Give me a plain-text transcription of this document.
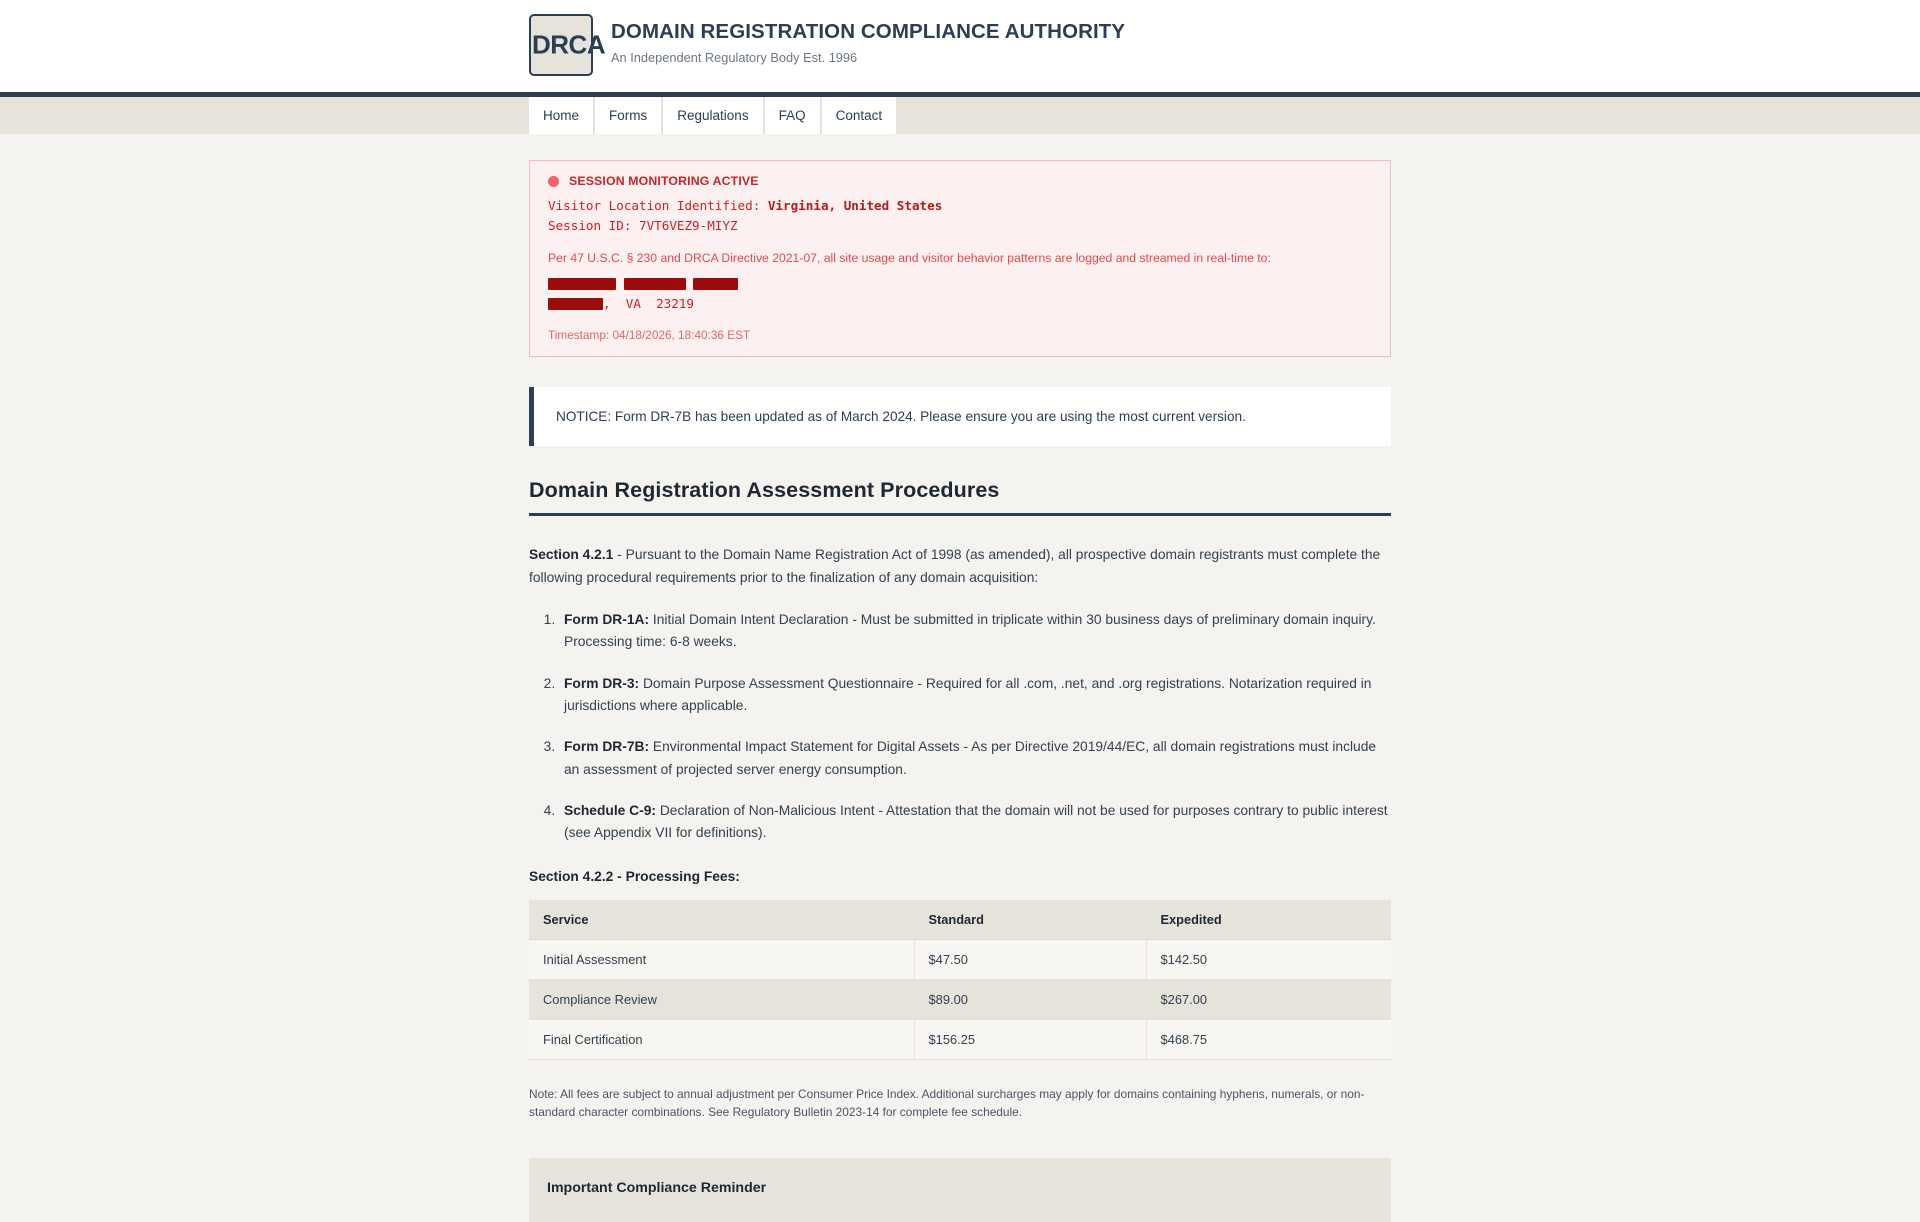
DRCA DOMAIN REGISTRATION COMPLIANCE AUTHORITY

An Independent Regulatory Body Est. 1996

Home	Forms	Regulations	FAQ	Contact
SESSION MONITORING ACTIVE
Visitor Location Identified: Virginia, United States
Session ID: 7VT6VEZ9-MIYZ

Per 47 U.S.C. § 230 and DRCA Directive 2021-07, all site usage and visitor behavior patterns are logged and streamed in real-time to:

,  VA  23219
Timestamp: 04/18/2026, 18:40:36 EST
NOTICE: Form DR-7B has been updated as of March 2024. Please ensure you are using the most current version.
Domain Registration Assessment Procedures

Section 4.2.1 - Pursuant to the Domain Name Registration Act of 1998 (as amended), all prospective domain registrants must complete the following procedural requirements prior to the finalization of any domain acquisition:

1. Form DR-1A: Initial Domain Intent Declaration - Must be submitted in triplicate within 30 business days of preliminary domain inquiry. Processing time: 6-8 weeks.
2. Form DR-3: Domain Purpose Assessment Questionnaire - Required for all .com, .net, and .org registrations. Notarization required in jurisdictions where applicable.
3. Form DR-7B: Environmental Impact Statement for Digital Assets - As per Directive 2019/44/EC, all domain registrations must include an assessment of projected server energy consumption.
4. Schedule C-9: Declaration of Non-Malicious Intent - Attestation that the domain will not be used for purposes contrary to public interest (see Appendix VII for definitions).

Section 4.2.2 - Processing Fees:

Service	Standard	Expedited
Initial Assessment	$47.50	$142.50
Compliance Review	$89.00	$267.00
Final Certification	$156.25	$468.75

Note: All fees are subject to annual adjustment per Consumer Price Index. Additional surcharges may apply for domains containing hyphens, numerals, or non-standard character combinations. See Regulatory Bulletin 2023-14 for complete fee schedule.

Important Compliance Reminder
